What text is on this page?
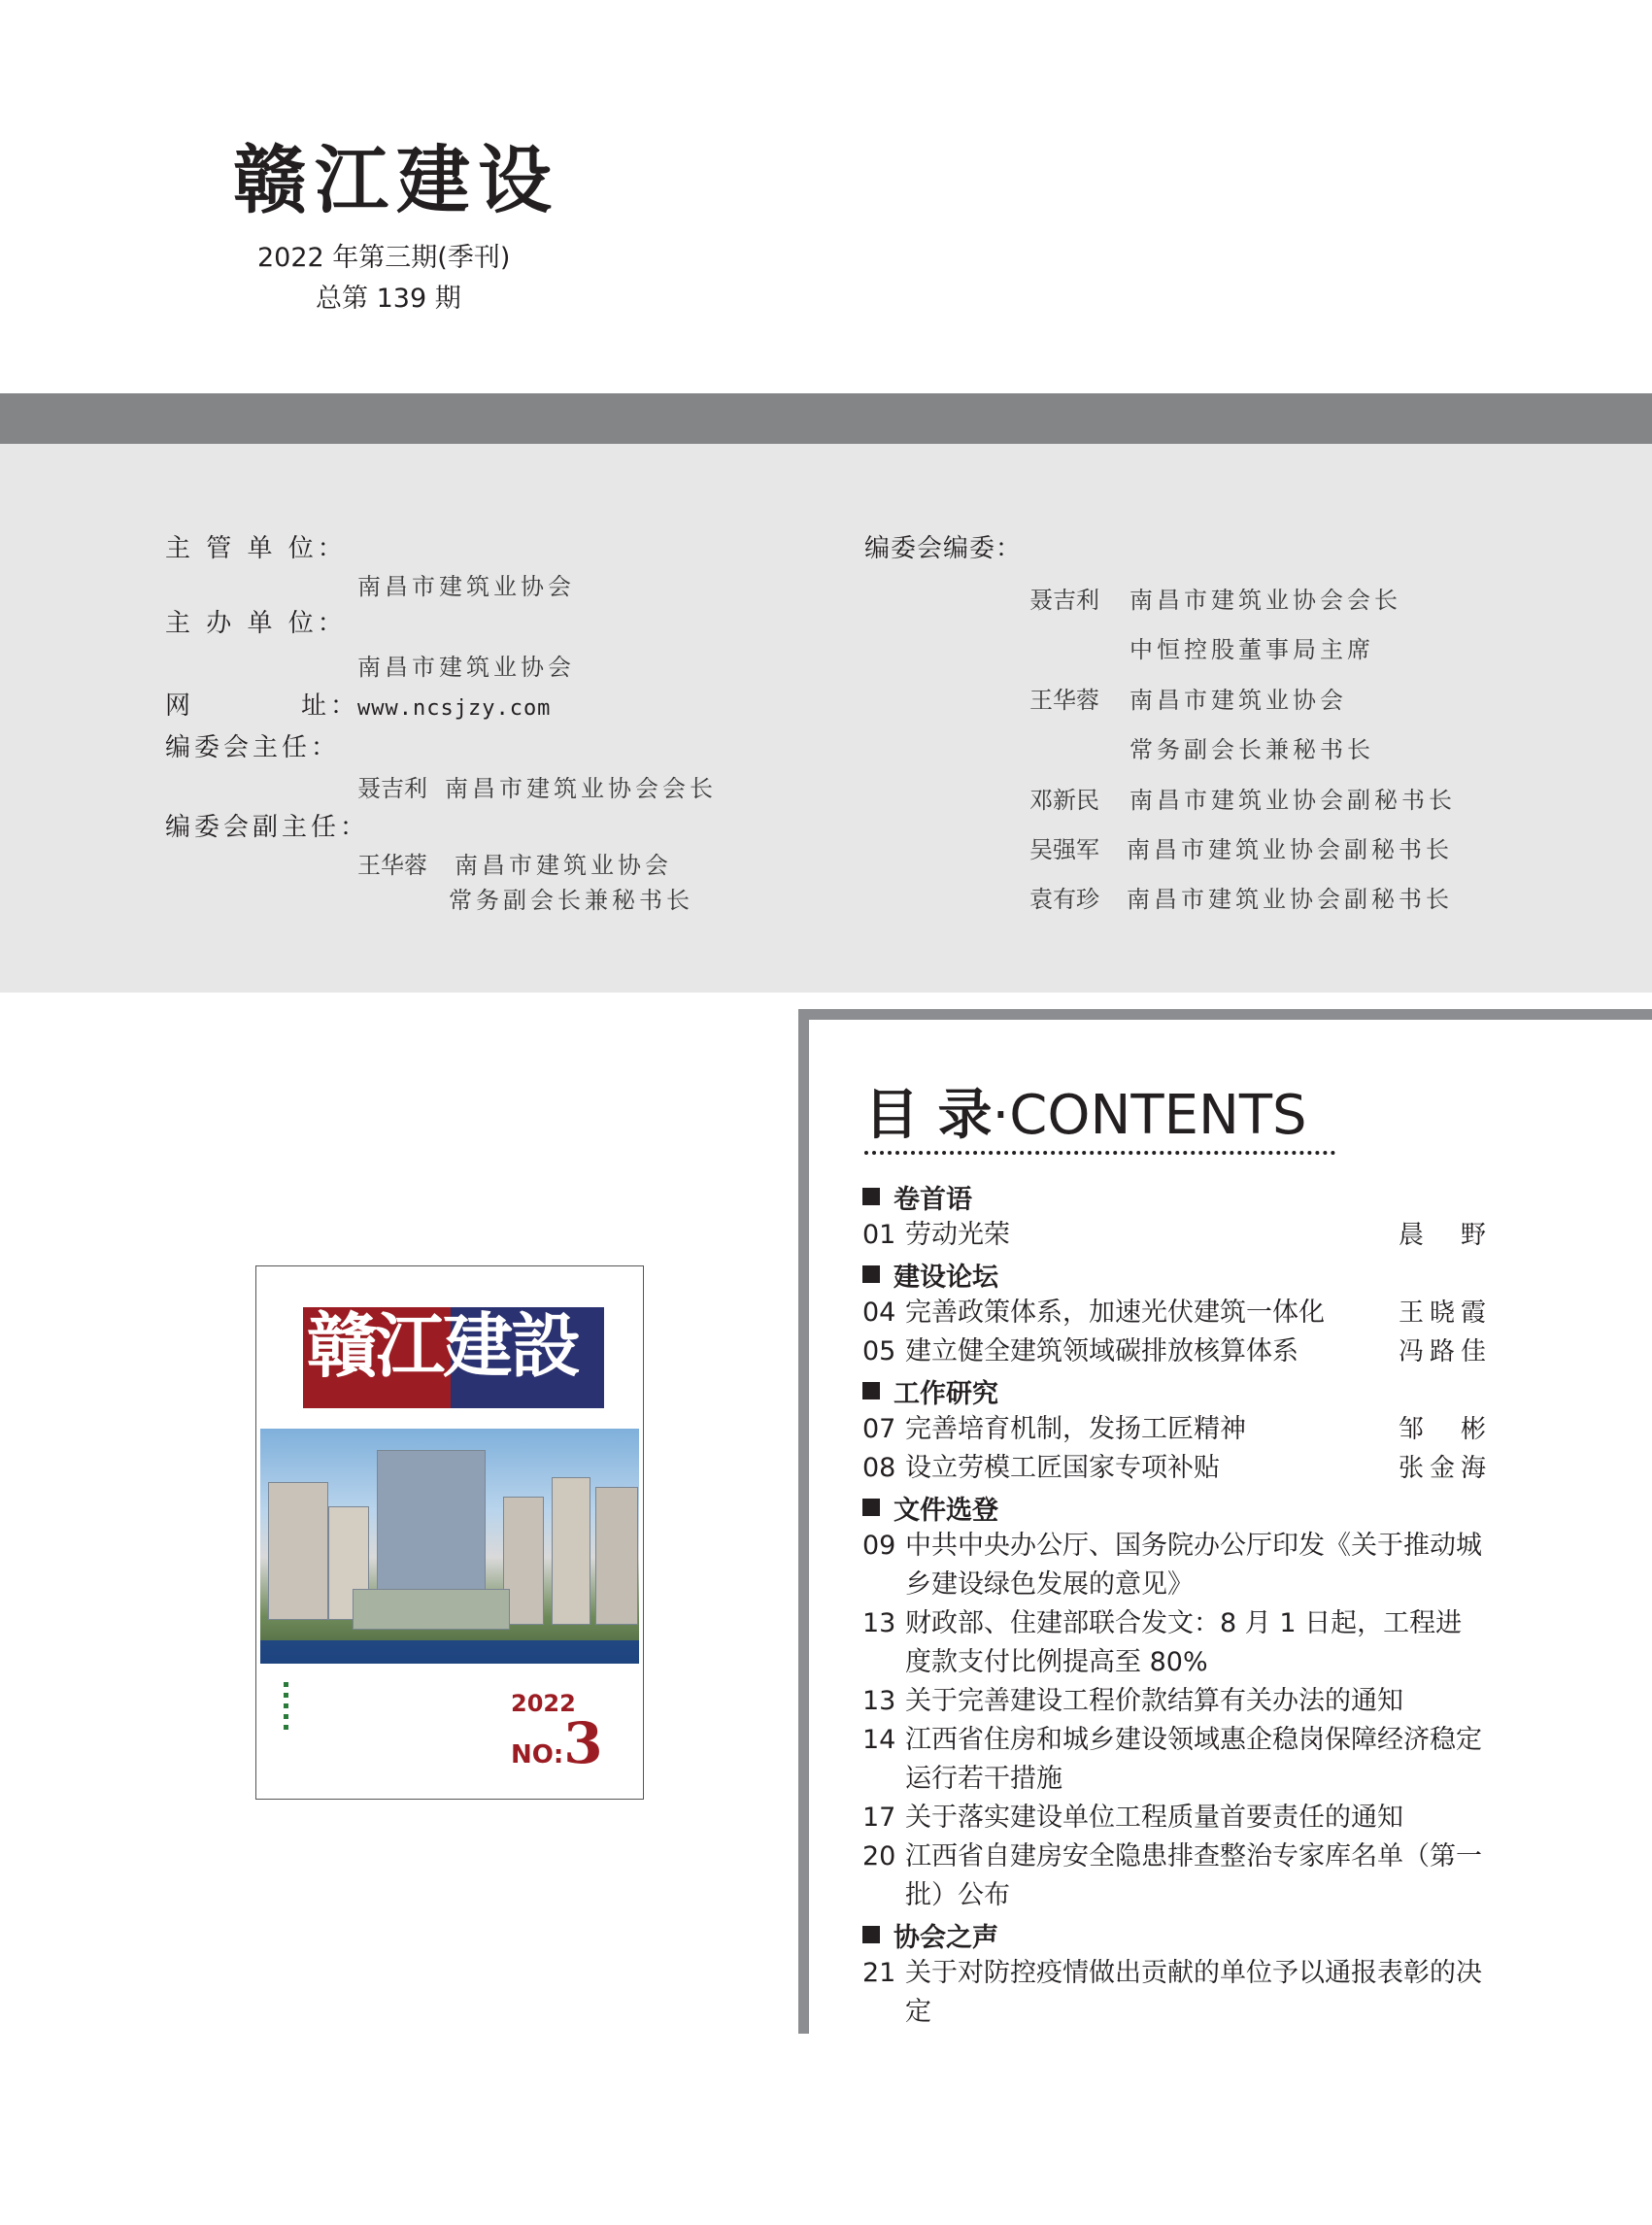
赣江建设
2022 年第三期(季刊)
总第 139 期
主 管 单 位：
南昌市建筑业协会
主 办 单 位：
南昌市建筑业协会
网	址：
www.ncsjzy.com
编委会主任：
聂吉利 南昌市建筑业协会会长
编委会副主任：
王华蓉 南昌市建筑业协会
常务副会长兼秘书长
编委会编委：
聂吉利 南昌市建筑业协会会长
中恒控股董事局主席
王华蓉 南昌市建筑业协会
常务副会长兼秘书长
邓新民 南昌市建筑业协会副秘书长
吴强军 南昌市建筑业协会副秘书长
袁有珍 南昌市建筑业协会副秘书长
贛江建設
2022
NO:3
目 录·CONTENTS
卷首语
01 劳动光荣	晨野
建设论坛
04 完善政策体系，加速光伏建筑一体化	王晓霞
05 建立健全建筑领域碳排放核算体系	冯路佳
工作研究
07 完善培育机制，发扬工匠精神	邹彬
08 设立劳模工匠国家专项补贴	张金海
文件选登
09 中共中央办公厅、国务院办公厅印发《关于推动城乡建设绿色发展的意见》
13 财政部、住建部联合发文：8 月 1 日起，工程进度款支付比例提高至 80%
13 关于完善建设工程价款结算有关办法的通知
14 江西省住房和城乡建设领域惠企稳岗保障经济稳定运行若干措施
17 关于落实建设单位工程质量首要责任的通知
20 江西省自建房安全隐患排查整治专家库名单（第一批）公布
协会之声
21 关于对防控疫情做出贡献的单位予以通报表彰的决定
